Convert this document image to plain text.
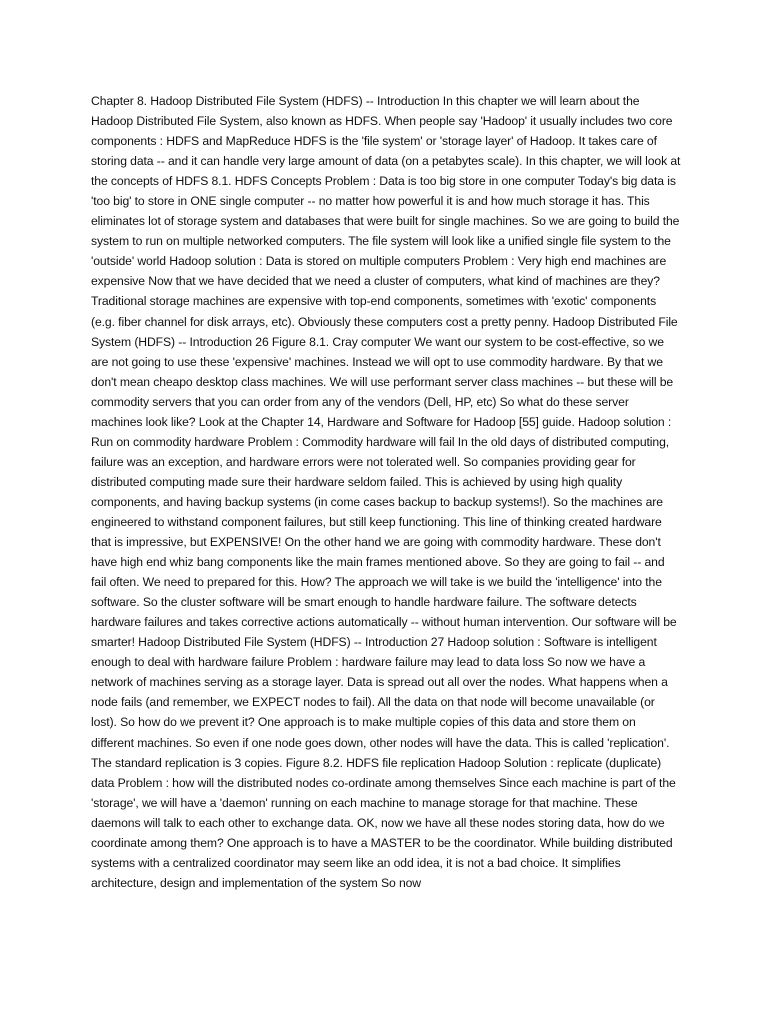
Chapter 8. Hadoop Distributed File System (HDFS) -- Introduction In this chapter we will learn about the Hadoop Distributed File System, also known as HDFS. When people say 'Hadoop' it usually includes two core components : HDFS and MapReduce HDFS is the 'file system' or 'storage layer' of Hadoop. It takes care of storing data -- and it can handle very large amount of data (on a petabytes scale). In this chapter, we will look at the concepts of HDFS 8.1. HDFS Concepts Problem : Data is too big store in one computer Today's big data is 'too big' to store in ONE single computer -- no matter how powerful it is and how much storage it has. This eliminates lot of storage system and databases that were built for single machines. So we are going to build the system to run on multiple networked computers. The file system will look like a unified single file system to the 'outside' world Hadoop solution : Data is stored on multiple computers Problem : Very high end machines are expensive Now that we have decided that we need a cluster of computers, what kind of machines are they? Traditional storage machines are expensive with top-end components, sometimes with 'exotic' components (e.g. fiber channel for disk arrays, etc). Obviously these computers cost a pretty penny. Hadoop Distributed File System (HDFS) -- Introduction 26 Figure 8.1. Cray computer We want our system to be cost-effective, so we are not going to use these 'expensive' machines. Instead we will opt to use commodity hardware. By that we don't mean cheapo desktop class machines. We will use performant server class machines -- but these will be commodity servers that you can order from any of the vendors (Dell, HP, etc) So what do these server machines look like? Look at the Chapter 14, Hardware and Software for Hadoop [55] guide. Hadoop solution : Run on commodity hardware Problem : Commodity hardware will fail In the old days of distributed computing, failure was an exception, and hardware errors were not tolerated well. So companies providing gear for distributed computing made sure their hardware seldom failed. This is achieved by using high quality components, and having backup systems (in come cases backup to backup systems!). So the machines are engineered to withstand component failures, but still keep functioning. This line of thinking created hardware that is impressive, but EXPENSIVE! On the other hand we are going with commodity hardware. These don't have high end whiz bang components like the main frames mentioned above. So they are going to fail -- and fail often. We need to prepared for this. How? The approach we will take is we build the 'intelligence' into the software. So the cluster software will be smart enough to handle hardware failure. The software detects hardware failures and takes corrective actions automatically -- without human intervention. Our software will be smarter! Hadoop Distributed File System (HDFS) -- Introduction 27 Hadoop solution : Software is intelligent enough to deal with hardware failure Problem : hardware failure may lead to data loss So now we have a network of machines serving as a storage layer. Data is spread out all over the nodes. What happens when a node fails (and remember, we EXPECT nodes to fail). All the data on that node will become unavailable (or lost). So how do we prevent it? One approach is to make multiple copies of this data and store them on different machines. So even if one node goes down, other nodes will have the data. This is called 'replication'. The standard replication is 3 copies. Figure 8.2. HDFS file replication Hadoop Solution : replicate (duplicate) data Problem : how will the distributed nodes co-ordinate among themselves Since each machine is part of the 'storage', we will have a 'daemon' running on each machine to manage storage for that machine. These daemons will talk to each other to exchange data. OK, now we have all these nodes storing data, how do we coordinate among them? One approach is to have a MASTER to be the coordinator. While building distributed systems with a centralized coordinator may seem like an odd idea, it is not a bad choice. It simplifies architecture, design and implementation of the system So now
